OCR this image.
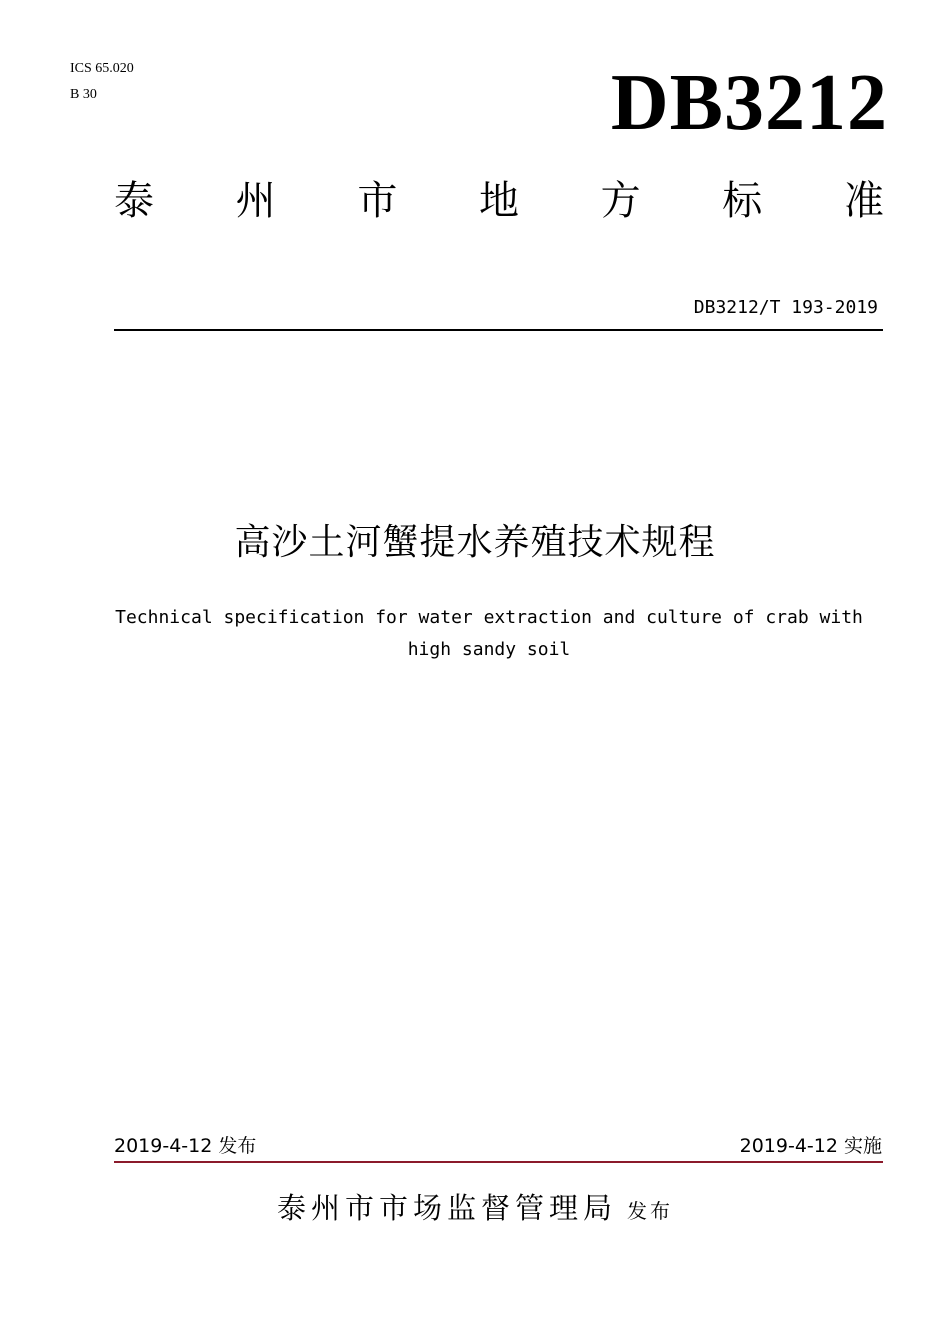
ICS 65.020
B 30	DB3212
泰 州 市 地 方 标 准
DB3212/T 193-2019
高沙土河蟹提水养殖技术规程
Technical specification for water extraction and culture of crab with
high sandy soil
2019-4-12 发布	2019-4-12 实施
泰州市市场监督管理局 发布
